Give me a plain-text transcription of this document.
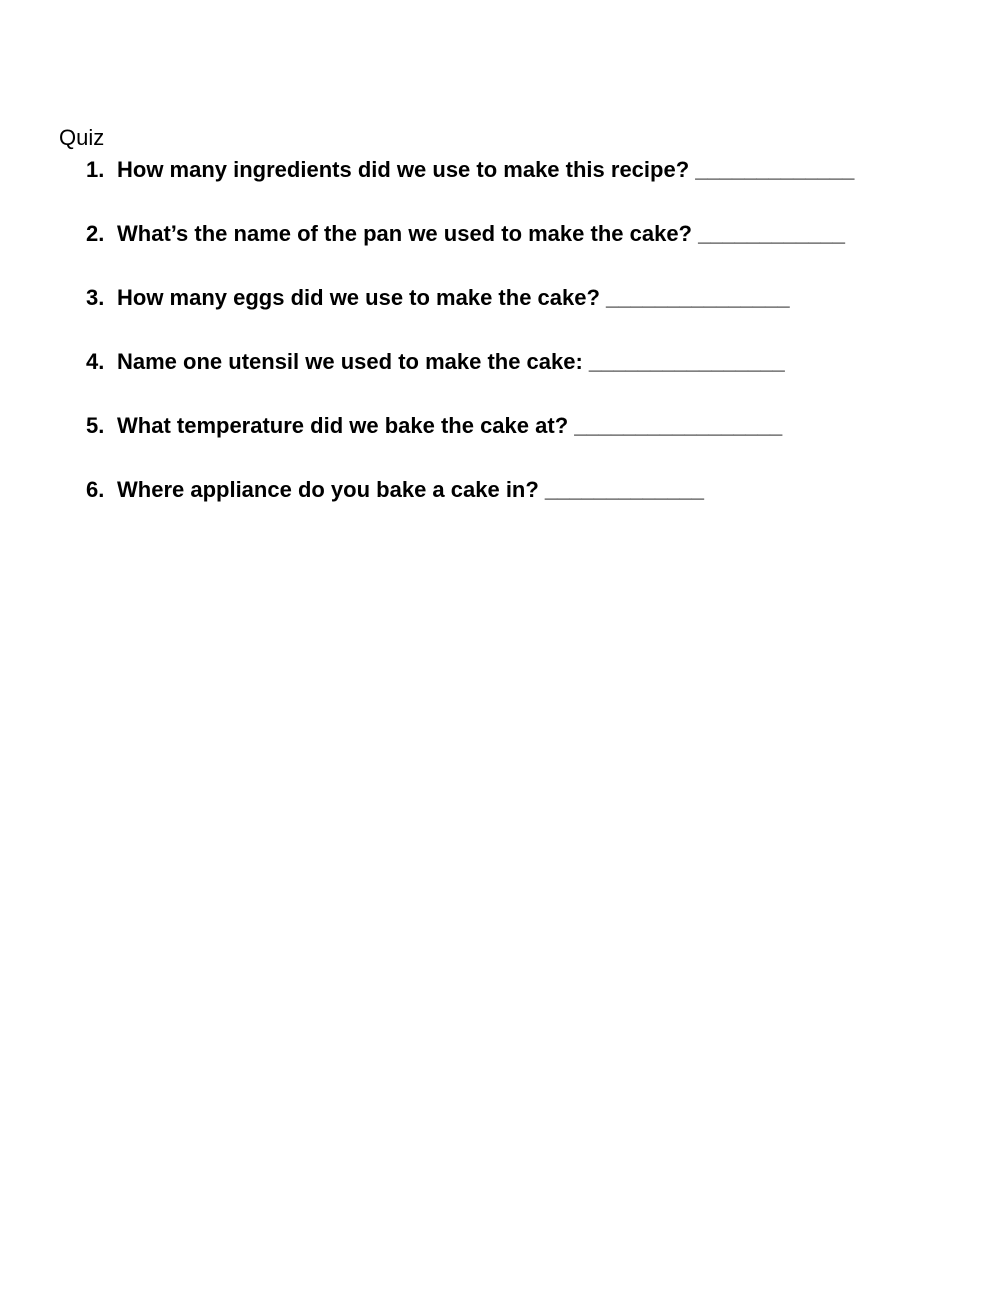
Quiz
1. How many ingredients did we use to make this recipe? _____________
2. What’s the name of the pan we used to make the cake? ____________
3. How many eggs did we use to make the cake? _______________
4. Name one utensil we used to make the cake: ________________
5. What temperature did we bake the cake at? _________________
6. Where appliance do you bake a cake in? _____________
